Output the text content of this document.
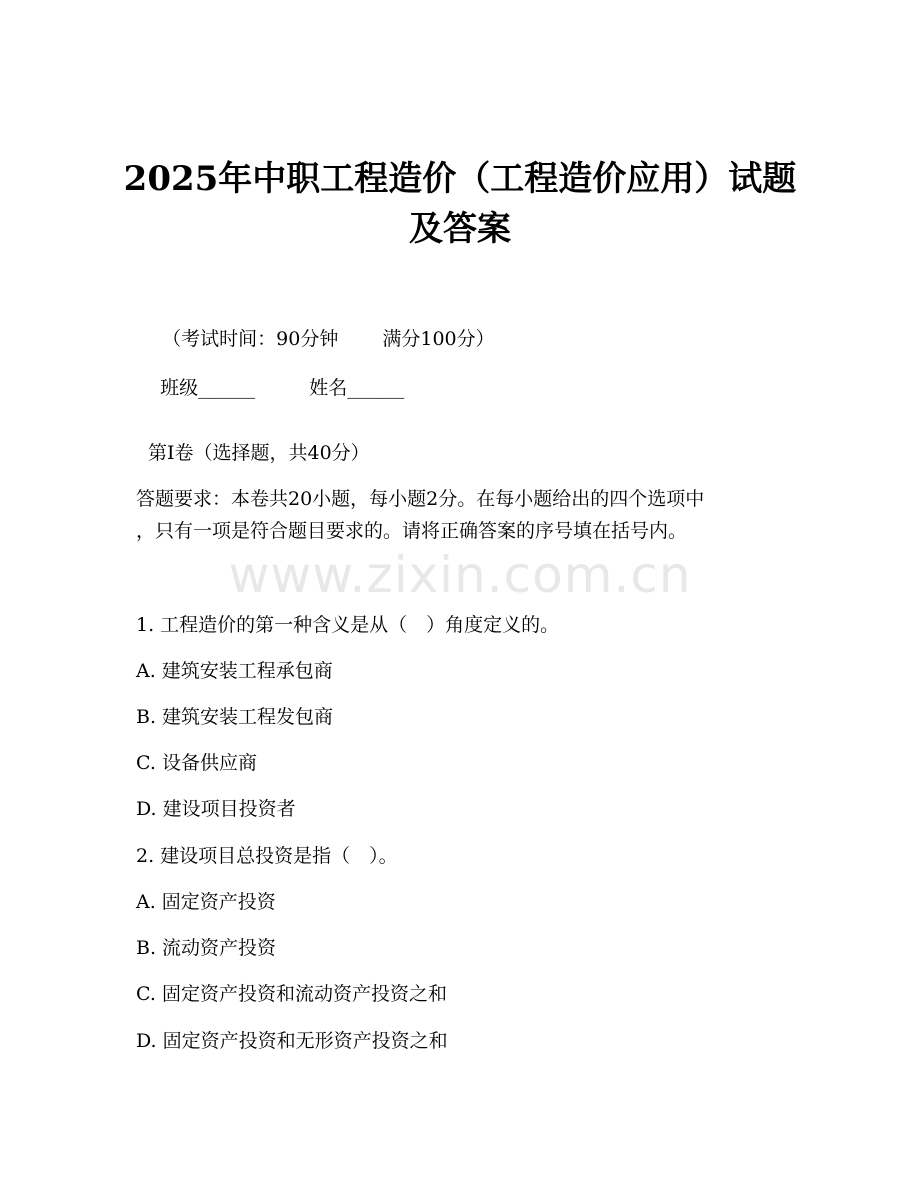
2025年中职工程造价（工程造价应用）试题
及答案

（考试时间：90分钟 满分100分）

班级______	姓名______

第I卷（选择题，共40分）
答题要求：本卷共20小题，每小题2分。在每小题给出的四个选项中
，只有一项是符合题目要求的。请将正确答案的序号填在括号内。
www.zixin.com.cn
1. 工程造价的第一种含义是从（　）角度定义的。
A. 建筑安装工程承包商
B. 建筑安装工程发包商
C. 设备供应商
D. 建设项目投资者
2. 建设项目总投资是指（　）。
A. 固定资产投资
B. 流动资产投资
C. 固定资产投资和流动资产投资之和
D. 固定资产投资和无形资产投资之和
